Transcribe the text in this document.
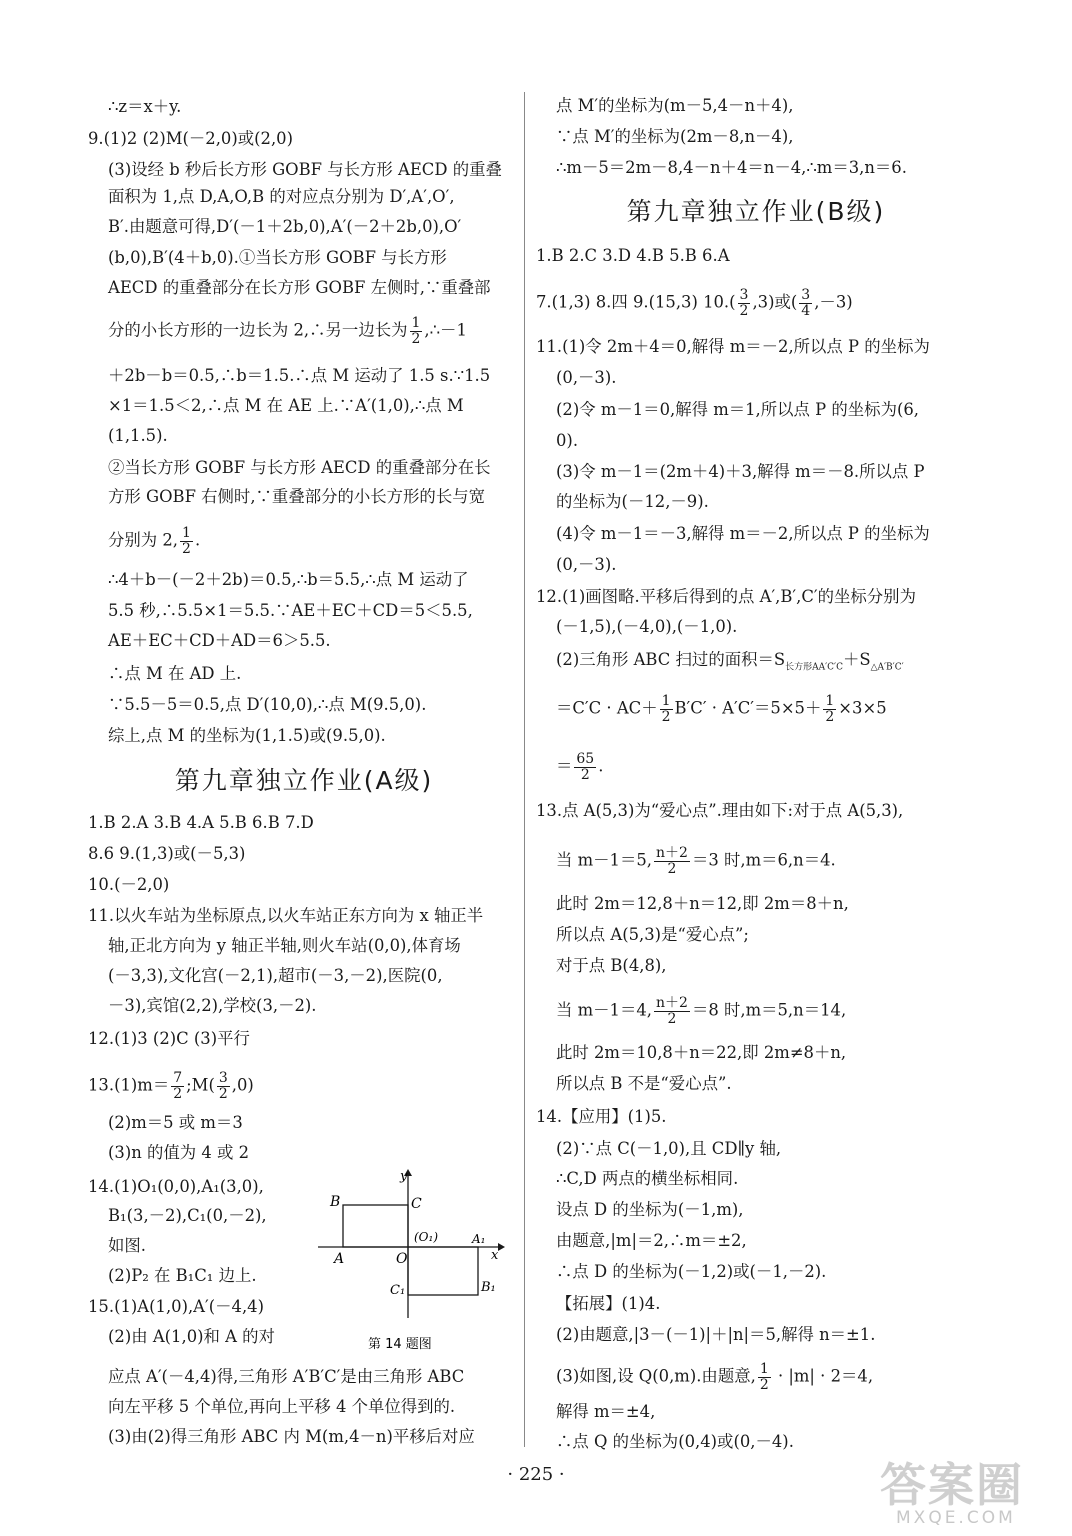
∴z＝x＋y.
9.(1)2 (2)M(－2,0)或(2,0)
(3)设经 b 秒后长方形 GOBF 与长方形 AECD 的重叠
面积为 1,点 D,A,O,B 的对应点分别为 D′,A′,O′,
B′.由题意可得,D′(－1＋2b,0),A′(－2＋2b,0),O′
(b,0),B′(4＋b,0).①当长方形 GOBF 与长方形
AECD 的重叠部分在长方形 GOBF 左侧时,∵重叠部
分的小长方形的一边长为 2,∴另一边长为 $\frac{1}{2}$ ,∴－1
＋2b－b＝0.5,∴b＝1.5.∴点 M 运动了 1.5 s.∵1.5
×1＝1.5＜2,∴点 M 在 AE 上.∵A′(1,0),∴点 M
(1,1.5).
②当长方形 GOBF 与长方形 AECD 的重叠部分在长
方形 GOBF 右侧时,∵重叠部分的小长方形的长与宽
分别为 2, $\frac{1}{2}$ .
∴4＋b－(－2＋2b)＝0.5,∴b＝5.5,∴点 M 运动了
5.5 秒,∴5.5×1＝5.5.∵AE＋EC＋CD＝5＜5.5,
AE＋EC＋CD＋AD＝6＞5.5.
∴点 M 在 AD 上.
∵5.5－5＝0.5,点 D′(10,0),∴点 M(9.5,0).
综上,点 M 的坐标为(1,1.5)或(9.5,0).
第九章独立作业(A级)
1.B 2.A 3.B 4.A 5.B 6.B 7.D
8.6 9.(1,3)或(－5,3)
10.(－2,0)
11.以火车站为坐标原点,以火车站正东方向为 x 轴正半
轴,正北方向为 y 轴正半轴,则火车站(0,0),体育场
(－3,3),文化宫(－2,1),超市(－3,－2),医院(0,
－3),宾馆(2,2),学校(3,－2).
12.(1)3 (2)C (3)平行
$13.(1)m= \frac{7}{2}$ ;M( $\frac{3}{2} ,0$)
(2)m＝5 或 m＝3
(3)n 的值为 4 或 2
14.(1)O₁(0,0),A₁(3,0),
B₁(3,－2),C₁(0,－2),
如图.
(2)P₂ 在 B₁C₁ 边上.
15.(1)A(1,0),A′(－4,4)
(2)由 A(1,0)和 A 的对
应点 A′(－4,4)得,三角形 A′B′C′是由三角形 ABC
向左平移 5 个单位,再向上平移 4 个单位得到的.
(3)由(2)得三角形 ABC 内 M(m,4－n)平移后对应
y
x
B	C
(O₁)	A₁
A	O
C₁	B₁
第 14 题图
点 M′的坐标为(m－5,4－n＋4),
∵点 M′的坐标为(2m－8,n－4),
∴m－5＝2m－8,4－n＋4＝n－4,∴m＝3,n＝6.
第九章独立作业(B级)
1.B 2.C 3.D 4.B 5.B 6.A
7.(1,3) 8.四 9.(15,3) $10.( \frac{3}{2} ,3)$或( $\frac{3}{4} ,-3$)
11.(1)令 2m＋4＝0,解得 m＝－2,所以点 P 的坐标为
(0,－3).
(2)令 m－1＝0,解得 m＝1,所以点 P 的坐标为(6,
0).
(3)令 m－1＝(2m＋4)＋3,解得 m＝－8.所以点 P
的坐标为(－12,－9).
(4)令 m－1＝－3,解得 m＝－2,所以点 P 的坐标为
(0,－3).
12.(1)画图略.平移后得到的点 A′,B′,C′的坐标分别为
(－1,5),(－4,0),(－1,0).
(2)三角形 ABC 扫过的面积$=S_{长方形AA'C'C}+S_{\triangle A'B'C'}$
$=C'C \cdot AC+ \frac{1}{2} B'C' \cdot A'C'=5\times 5+ \frac{1}{2} \times 3\times 5$
＝ $\frac{65}{2}$ .
13.点 A(5,3)为“爱心点”.理由如下:对于点 A(5,3),
当 m－1＝5, $\frac{n+2}{2} =3$ 时,m＝6,n＝4.
此时 2m＝12,8＋n＝12,即 2m＝8＋n,
所以点 A(5,3)是“爱心点”;
对于点 B(4,8),
当 m－1＝4, $\frac{n+2}{2} =8$ 时,m＝5,n＝14,
此时 2m＝10,8＋n＝22,即 2m≠8＋n,
所以点 B 不是“爱心点”.
14.【应用】(1)5.
(2)∵点 C(－1,0),且 CD∥y 轴,
∴C,D 两点的横坐标相同.
设点 D 的坐标为(－1,m),
由题意,|m|＝2,∴m＝±2,
∴点 D 的坐标为(－1,2)或(－1,－2).
【拓展】(1)4.
(2)由题意,|3－(－1)|＋|n|＝5,解得 n＝±1.
(3)如图,设 Q(0,m).由题意, $\frac{1}{2} \cdot |m| \cdot 2=4$,
解得 m＝±4,
∴点 Q 的坐标为(0,4)或(0,－4).
· 225 ·	答案圈
MXQE.COM
